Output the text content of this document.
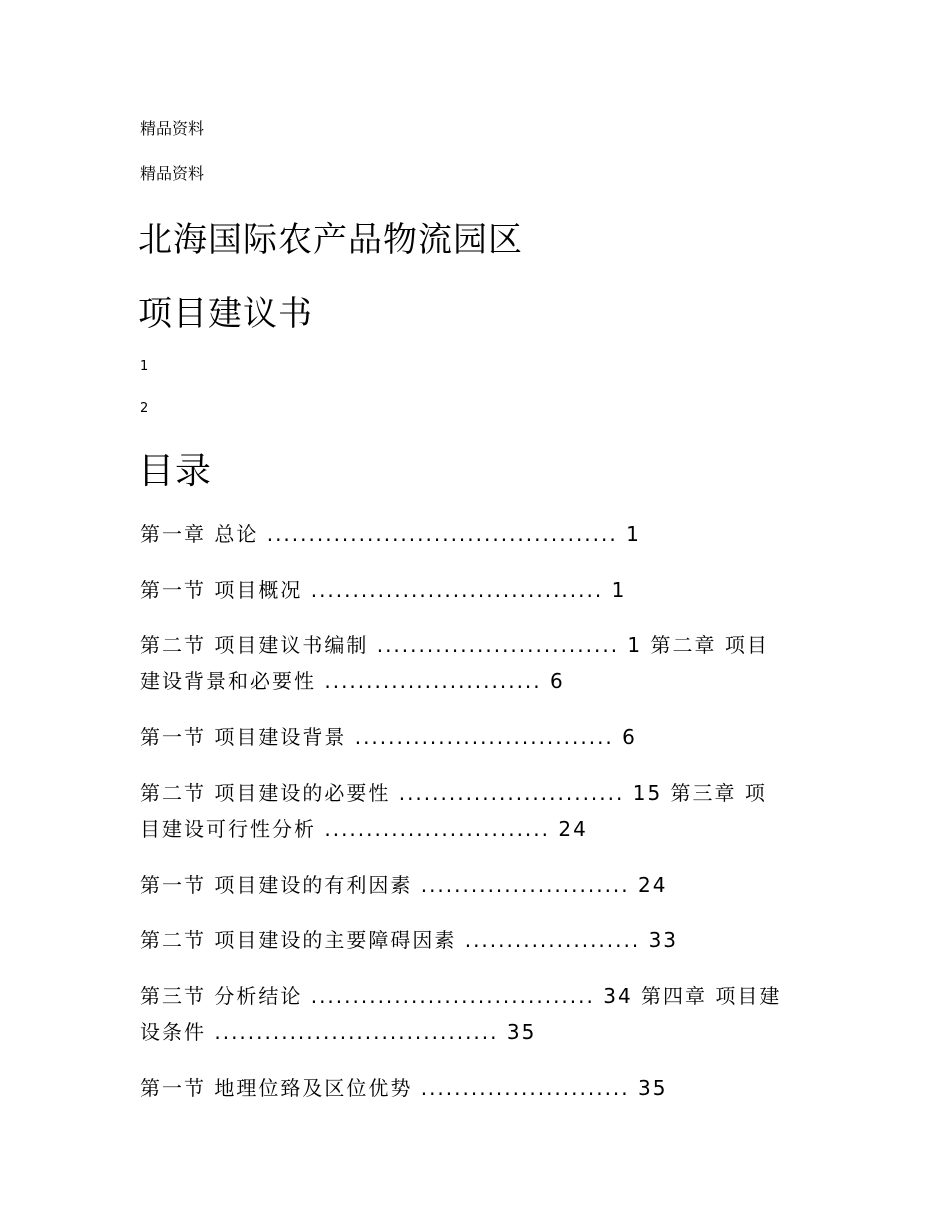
精品资料
精品资料
北海国际农产品物流园区
项目建议书
1
2
目录
第一章 总论 .......................................... 1
第一节 项目概况 ................................... 1
第二节 项目建议书编制 ............................. 1 第二章 项目
建设背景和必要性 .......................... 6
第一节 项目建设背景 ............................... 6
第二节 项目建设的必要性 ........................... 15 第三章 项
目建设可行性分析 ........................... 24
第一节 项目建设的有利因素 ......................... 24
第二节 项目建设的主要障碍因素 ..................... 33
第三节 分析结论 .................................. 34 第四章 项目建
设条件 .................................. 35
第一节 地理位臵及区位优势 ......................... 35
